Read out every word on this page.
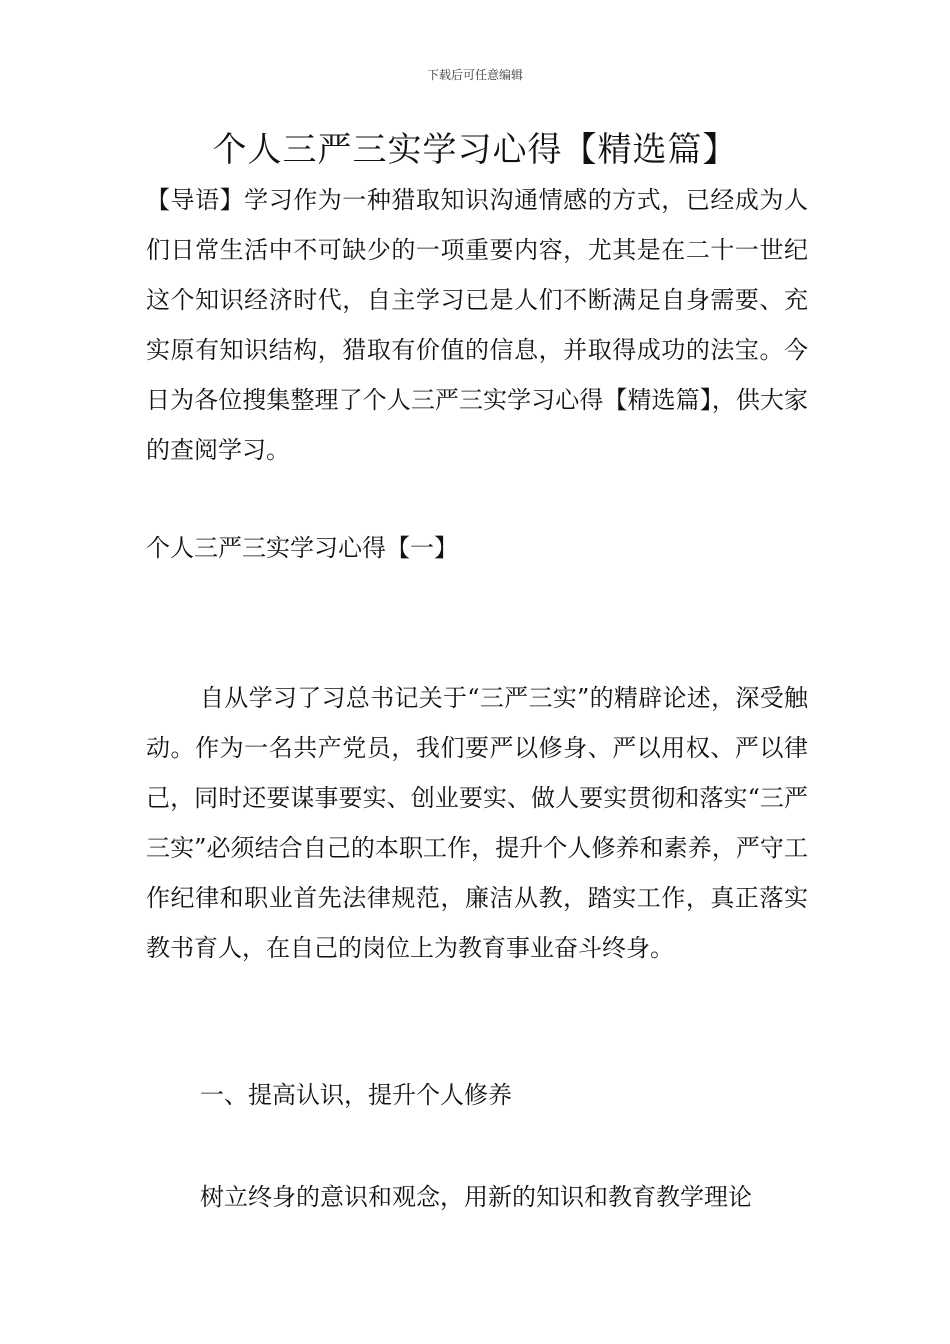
下载后可任意编辑
个人三严三实学习心得【精选篇】

【导语】学习作为一种猎取知识沟通情感的方式，已经成为人们日常生活中不可缺少的一项重要内容，尤其是在二十一世纪这个知识经济时代，自主学习已是人们不断满足自身需要、充实原有知识结构，猎取有价值的信息，并取得成功的法宝。今日为各位搜集整理了个人三严三实学习心得【精选篇】，供大家的查阅学习。

个人三严三实学习心得【一】

自从学习了习总书记关于“三严三实”的精辟论述，深受触动。作为一名共产党员，我们要严以修身、严以用权、严以律己，同时还要谋事要实、创业要实、做人要实贯彻和落实“三严三实”必须结合自己的本职工作，提升个人修养和素养，严守工作纪律和职业首先法律规范，廉洁从教，踏实工作，真正落实教书育人，在自己的岗位上为教育事业奋斗终身。

一、提高认识，提升个人修养

树立终身的意识和观念，用新的知识和教育教学理论
